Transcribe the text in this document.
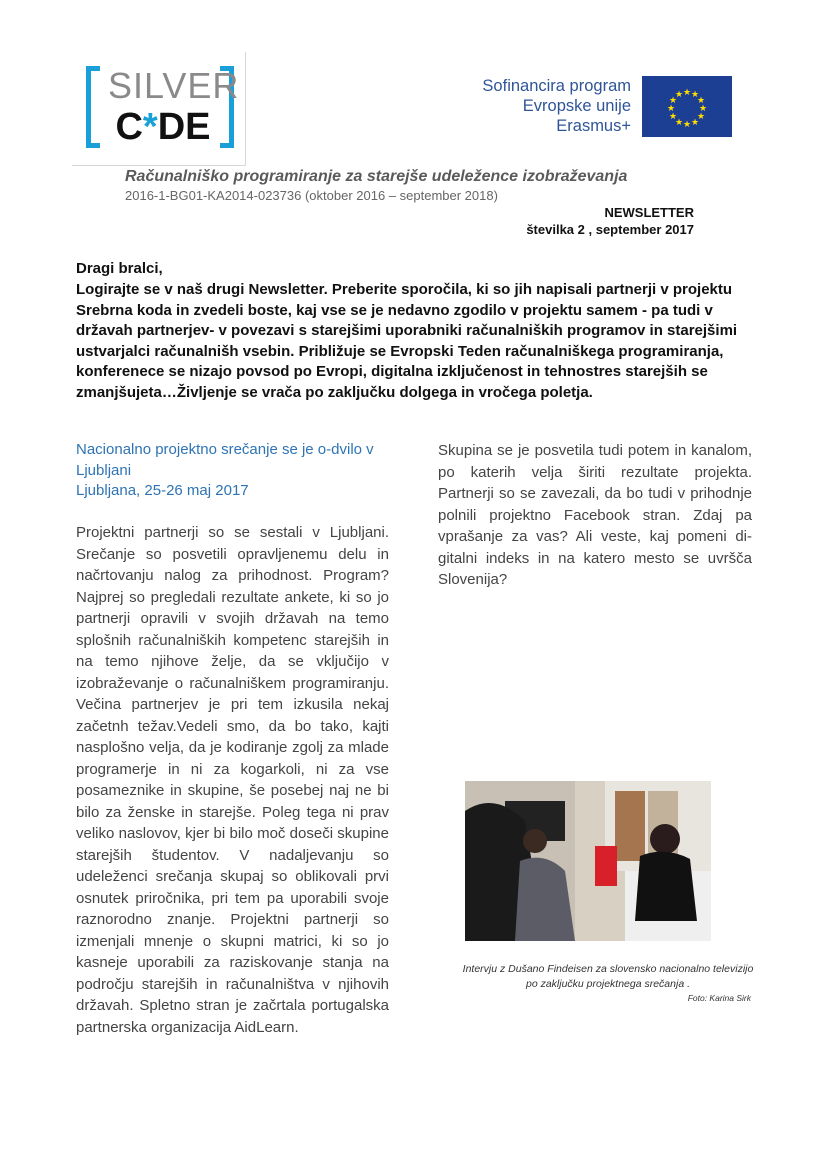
SILVER
C*DE
Sofinancira program
Evropske unije
Erasmus+
★ ★
★
★
★
★
★
★
★
★
★
★
Računalniško programiranje za starejše udeležence izobraževanja
2016-1-BG01-KA2014-023736 (oktober 2016 – september 2018)
NEWSLETTER
številka 2 , september 2017
Dragi bralci,

Logirajte se v naš drugi Newsletter. Preberite sporočila, ki so jih napisali partnerji v projektu Srebrna koda in zvedeli boste, kaj vse se je nedavno zgodilo v projektu samem - pa tudi v državah partnerjev- v povezavi s starejšimi uporabniki računalniških programov in starejšimi ustvarjalci računalnišh vsebin. Približuje se Evropski Teden računalniškega programiranja, konferenece se nizajo povsod po Evropi, digitalna izključenost in tehnostres starejših se zmanjšujeta…Življenje se vrača po zaključku dolgega in vročega poletja.

Nacionalno projektno srečanje se je o-dvilo v
Ljubljani
Ljubljana, 25-26 maj 2017

Projektni partnerji so se sestali v Ljubljani. Srečanje so posvetili opravljenemu delu in načrtovanju nalog za prihodnost. Program? Najprej so pregledali rezultate ankete, ki so jo partnerji opravili v svojih državah na temo splošnih računalniških kompetenc starejših in na temo njihove želje, da se vključijo v izobraževanje o računalniškem programiranju. Večina partnerjev je pri tem izkusila nekaj začetnh težav.Vedeli smo, da bo tako, kajti nasplošno velja, da je kodiranje zgolj za mlade programerje in ni za kogarkoli, ni za vse posameznike in skupine, še posebej naj ne bi bilo za ženske in starejše. Poleg tega ni prav veliko naslovov, kjer bi bilo moč doseči skupine starejših študentov. V nadaljevanju so udeleženci srečanja skupaj so oblikovali prvi osnutek priročnika, pri tem pa uporabili svoje raznorodno znanje. Projektni partnerji so izmenjali mnenje o skupni matrici, ki so jo kasneje uporabili za raziskovanje stanja na področju starejših in računalništva v njihovih državah. Spletno stran je začrtala portugalska partnerska organizacija AidLearn.

Skupina se je posvetila tudi potem in kanalom, po katerih velja širiti rezultate projekta. Partnerji so se zavezali, da bo tudi v prihodnje polnili projektno Facebook stran. Zdaj pa vprašanje za vas? Ali veste, kaj pomeni di-gitalni indeks in na katero mesto se uvršča Slovenija?

Intervju z Dušano Findeisen za slovensko nacionalno televizijo
po zaključku projektnega srečanja .
Foto: Karina Sirk
